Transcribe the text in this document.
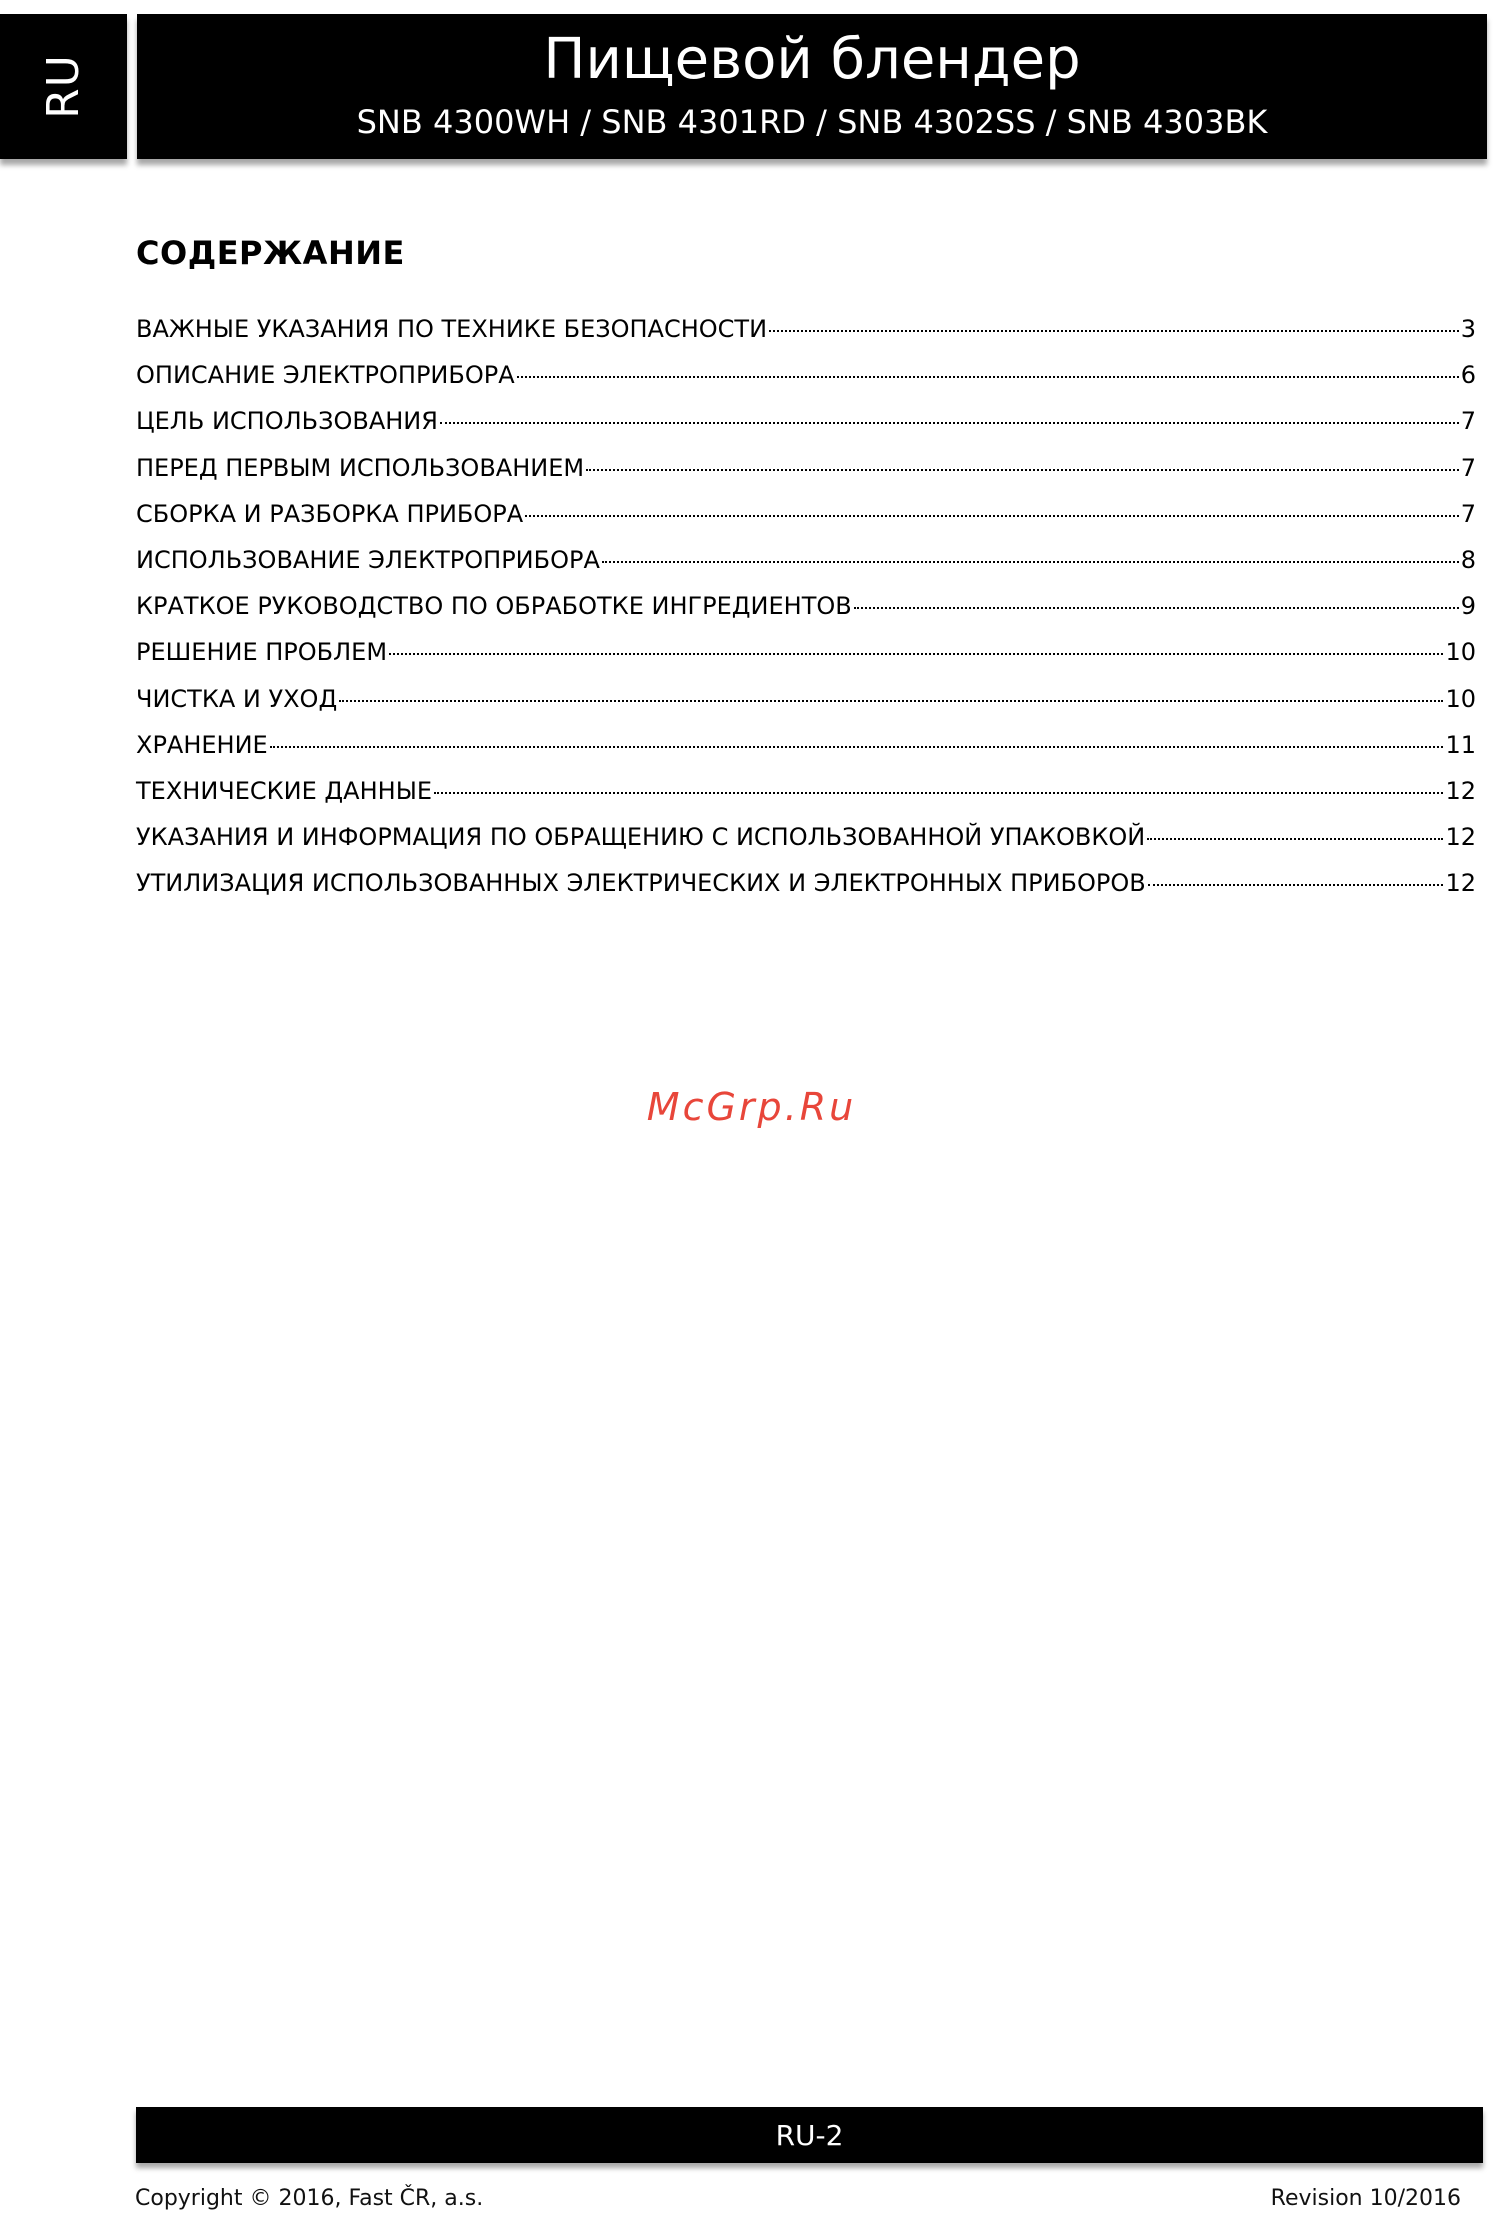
RU	Пищевой блендер
SNB 4300WH / SNB 4301RD / SNB 4302SS / SNB 4303BK
СОДЕРЖАНИЕ
ВАЖНЫЕ УКАЗАНИЯ ПО ТЕХНИКЕ БЕЗОПАСНОСТИ	3
ОПИСАНИЕ ЭЛЕКТРОПРИБОРА	6
ЦЕЛЬ ИСПОЛЬЗОВАНИЯ	7
ПЕРЕД ПЕРВЫМ ИСПОЛЬЗОВАНИЕМ	7
СБОРКА И РАЗБОРКА ПРИБОРА	7
ИСПОЛЬЗОВАНИЕ ЭЛЕКТРОПРИБОРА	8
КРАТКОЕ РУКОВОДСТВО ПО ОБРАБОТКЕ ИНГРЕДИЕНТОВ	9
РЕШЕНИЕ ПРОБЛЕМ	10
ЧИСТКА И УХОД	10
ХРАНЕНИЕ	11
ТЕХНИЧЕСКИЕ ДАННЫЕ	12
УКАЗАНИЯ И ИНФОРМАЦИЯ ПО ОБРАЩЕНИЮ С ИСПОЛЬЗОВАННОЙ УПАКОВКОЙ	12
УТИЛИЗАЦИЯ ИСПОЛЬЗОВАННЫХ ЭЛЕКТРИЧЕСКИХ И ЭЛЕКТРОННЫХ ПРИБОРОВ	12
McGrp.Ru
RU-2
Copyright © 2016, Fast ČR, a.s.	Revision 10/2016
